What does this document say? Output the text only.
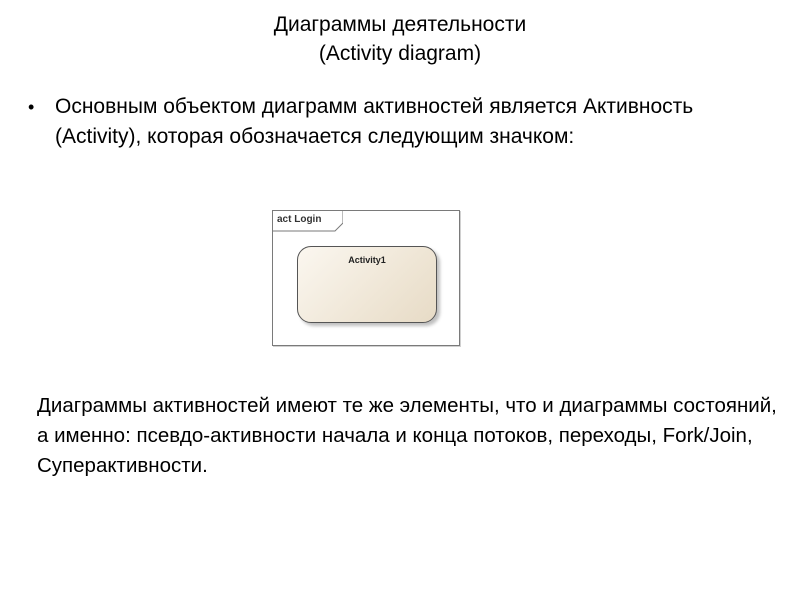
Диаграммы деятельности
(Activity diagram)
• Основным объектом диаграмм активностей является Активность (Activity), которая обозначается следующим значком:
act Login
Activity1
Диаграммы активностей имеют те же элементы, что и диаграммы состояний, а именно: псевдо-активности начала и конца потоков, переходы, Fork/Join, Суперактивности.
